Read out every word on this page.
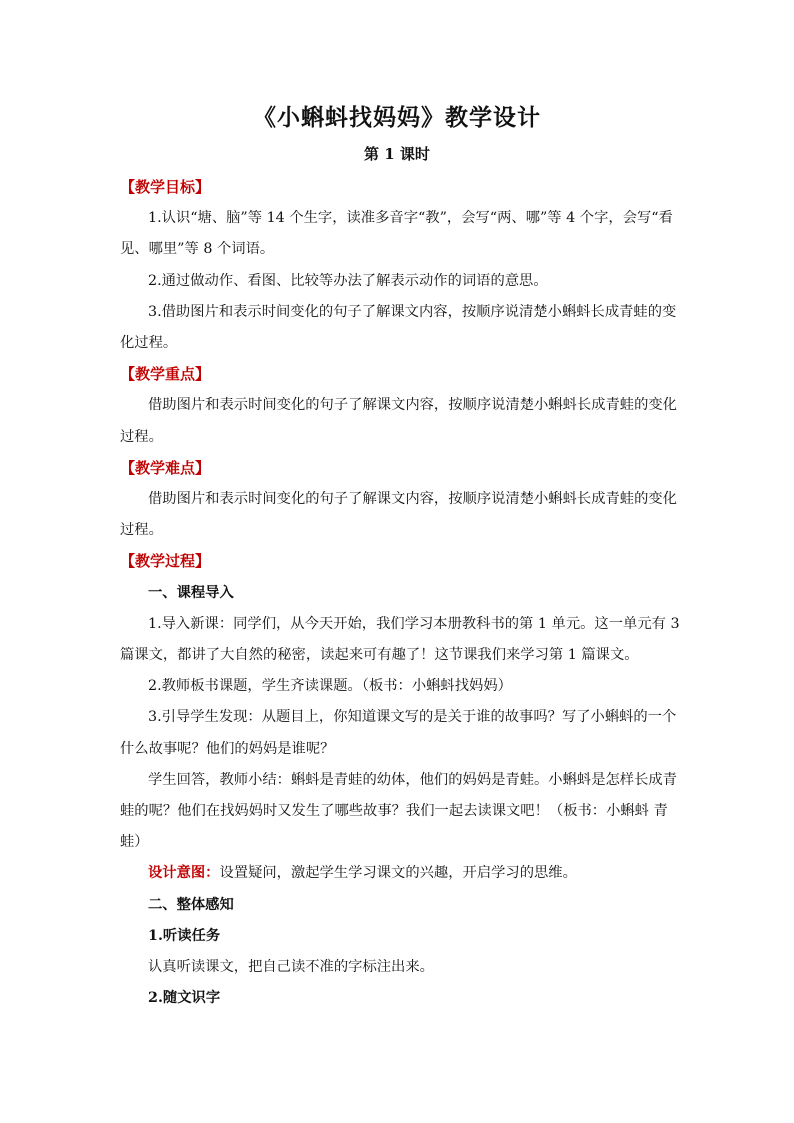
《小蝌蚪找妈妈》教学设计
第 1 课时

【教学目标】

1.认识“塘、脑”等 14 个生字，读准多音字“教”，会写“两、哪”等 4 个字，会写“看见、哪里”等 8 个词语。

2.通过做动作、看图、比较等办法了解表示动作的词语的意思。

3.借助图片和表示时间变化的句子了解课文内容，按顺序说清楚小蝌蚪长成青蛙的变化过程。

【教学重点】

借助图片和表示时间变化的句子了解课文内容，按顺序说清楚小蝌蚪长成青蛙的变化过程。

【教学难点】

借助图片和表示时间变化的句子了解课文内容，按顺序说清楚小蝌蚪长成青蛙的变化过程。

【教学过程】

一、课程导入

1.导入新课：同学们，从今天开始，我们学习本册教科书的第 1 单元。这一单元有 3 篇课文，都讲了大自然的秘密，读起来可有趣了！这节课我们来学习第 1 篇课文。

2.教师板书课题，学生齐读课题。（板书：小蝌蚪找妈妈）

3.引导学生发现：从题目上，你知道课文写的是关于谁的故事吗？写了小蝌蚪的一个什么故事呢？他们的妈妈是谁呢？

学生回答，教师小结：蝌蚪是青蛙的幼体，他们的妈妈是青蛙。小蝌蚪是怎样长成青蛙的呢？他们在找妈妈时又发生了哪些故事？我们一起去读课文吧！（板书：小蝌蚪 青蛙）

设计意图：设置疑问，激起学生学习课文的兴趣，开启学习的思维。

二、整体感知

1.听读任务

认真听读课文，把自己读不准的字标注出来。

2.随文识字
